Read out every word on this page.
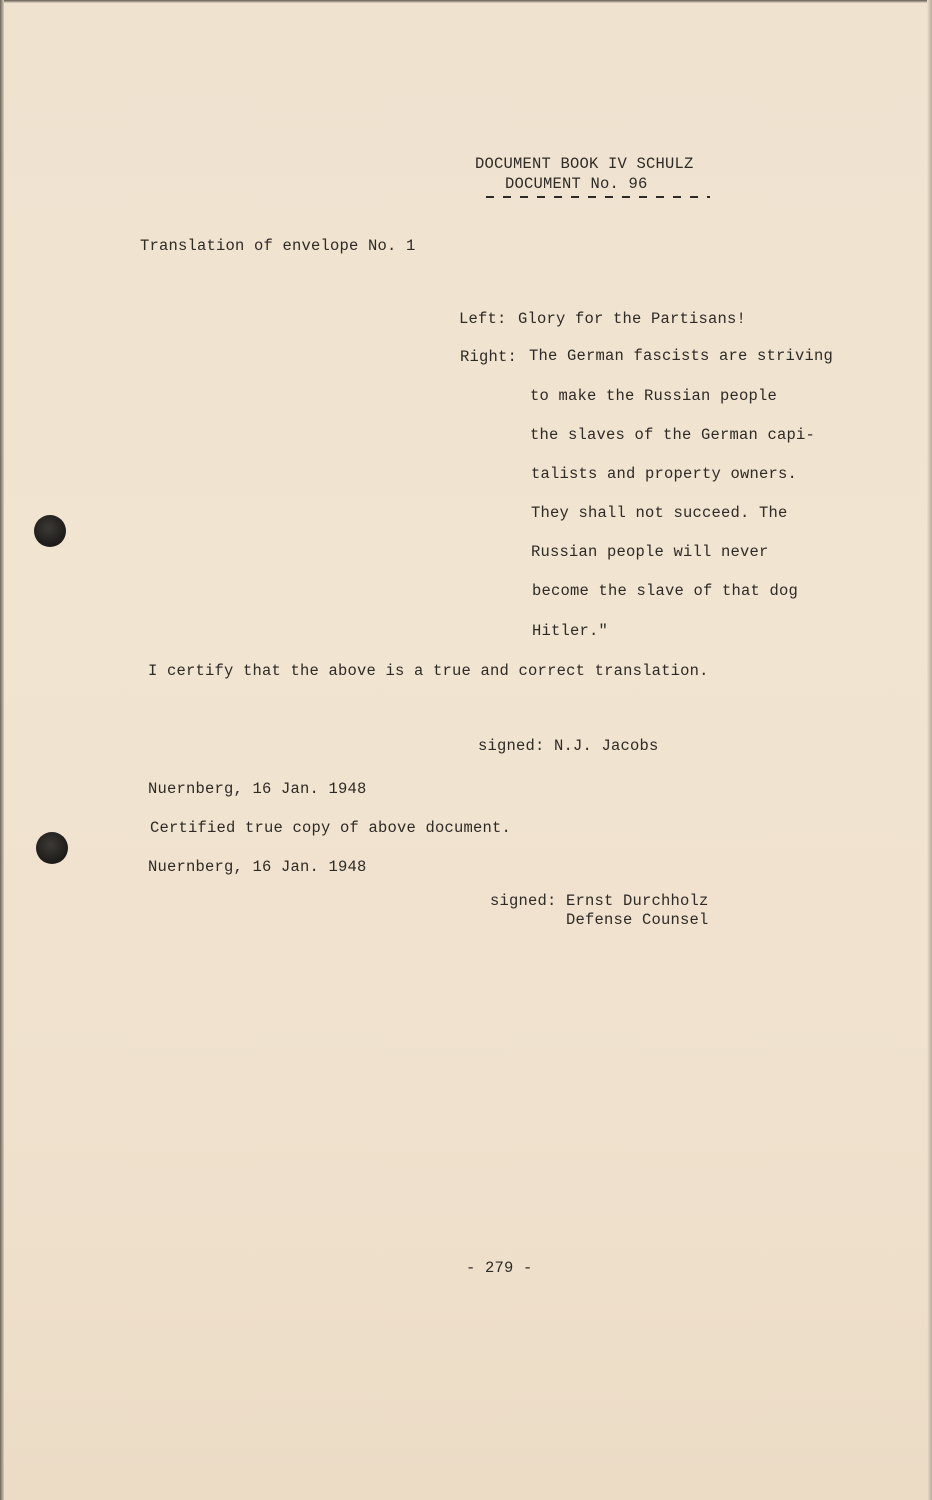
DOCUMENT BOOK IV SCHULZ

DOCUMENT No. 96

Translation of envelope No. 1

Left: Glory for the Partisans!

Right: The German fascists are striving

to make the Russian people

the slaves of the German capi-

talists and property owners.

They shall not succeed. The

Russian people will never

become the slave of that dog

Hitler."

I certify that the above is a true and correct translation.

signed: N.J. Jacobs

Nuernberg, 16 Jan. 1948

Certified true copy of above document.

Nuernberg, 16 Jan. 1948

signed: Ernst Durchholz

Defense Counsel

- 279 -
